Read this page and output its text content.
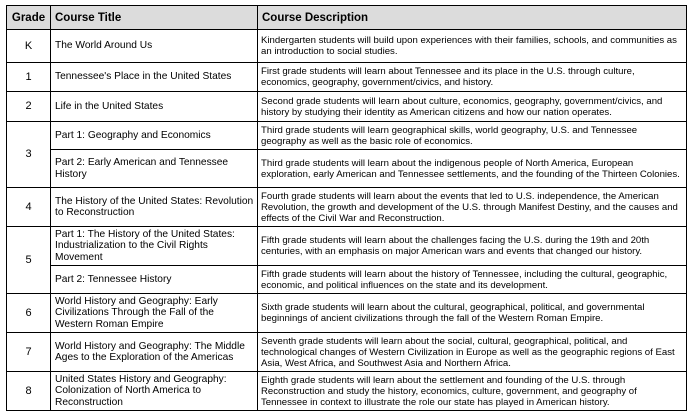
Grade	Course Title	Course Description
K	The World Around Us	Kindergarten students will build upon experiences with their families, schools, and communities as an introduction to social studies.
1	Tennessee's Place in the United States	First grade students will learn about Tennessee and its place in the U.S. through culture, economics, geography, government/civics, and history.
2	Life in the United States	Second grade students will learn about culture, economics, geography, government/civics, and history by studying their identity as American citizens and how our nation operates.
3	Part 1: Geography and Economics	Third grade students will learn geographical skills, world geography, U.S. and Tennessee geography as well as the basic role of economics.
	Part 2: Early American and Tennessee History	Third grade students will learn about the indigenous people of North America, European exploration, early American and Tennessee settlements, and the founding of the Thirteen Colonies.
4	The History of the United States: Revolution to Reconstruction	Fourth grade students will learn about the events that led to U.S. independence, the American Revolution, the growth and development of the U.S. through Manifest Destiny, and the causes and effects of the Civil War and Reconstruction.
5	Part 1: The History of the United States: Industrialization to the Civil Rights Movement	Fifth grade students will learn about the challenges facing the U.S. during the 19th and 20th centuries, with an emphasis on major American wars and events that changed our history.
	Part 2: Tennessee History	Fifth grade students will learn about the history of Tennessee, including the cultural, geographic, economic, and political influences on the state and its development.
6	World History and Geography: Early Civilizations Through the Fall of the Western Roman Empire	Sixth grade students will learn about the cultural, geographical, political, and governmental beginnings of ancient civilizations through the fall of the Western Roman Empire.
7	World History and Geography: The Middle Ages to the Exploration of the Americas	Seventh grade students will learn about the social, cultural, geographical, political, and technological changes of Western Civilization in Europe as well as the geographic regions of East Asia, West Africa, and Southwest Asia and Northern Africa.
8	United States History and Geography: Colonization of North America to Reconstruction	Eighth grade students will learn about the settlement and founding of the U.S. through Reconstruction and study the history, economics, culture, government, and geography of Tennessee in context to illustrate the role our state has played in American history.
